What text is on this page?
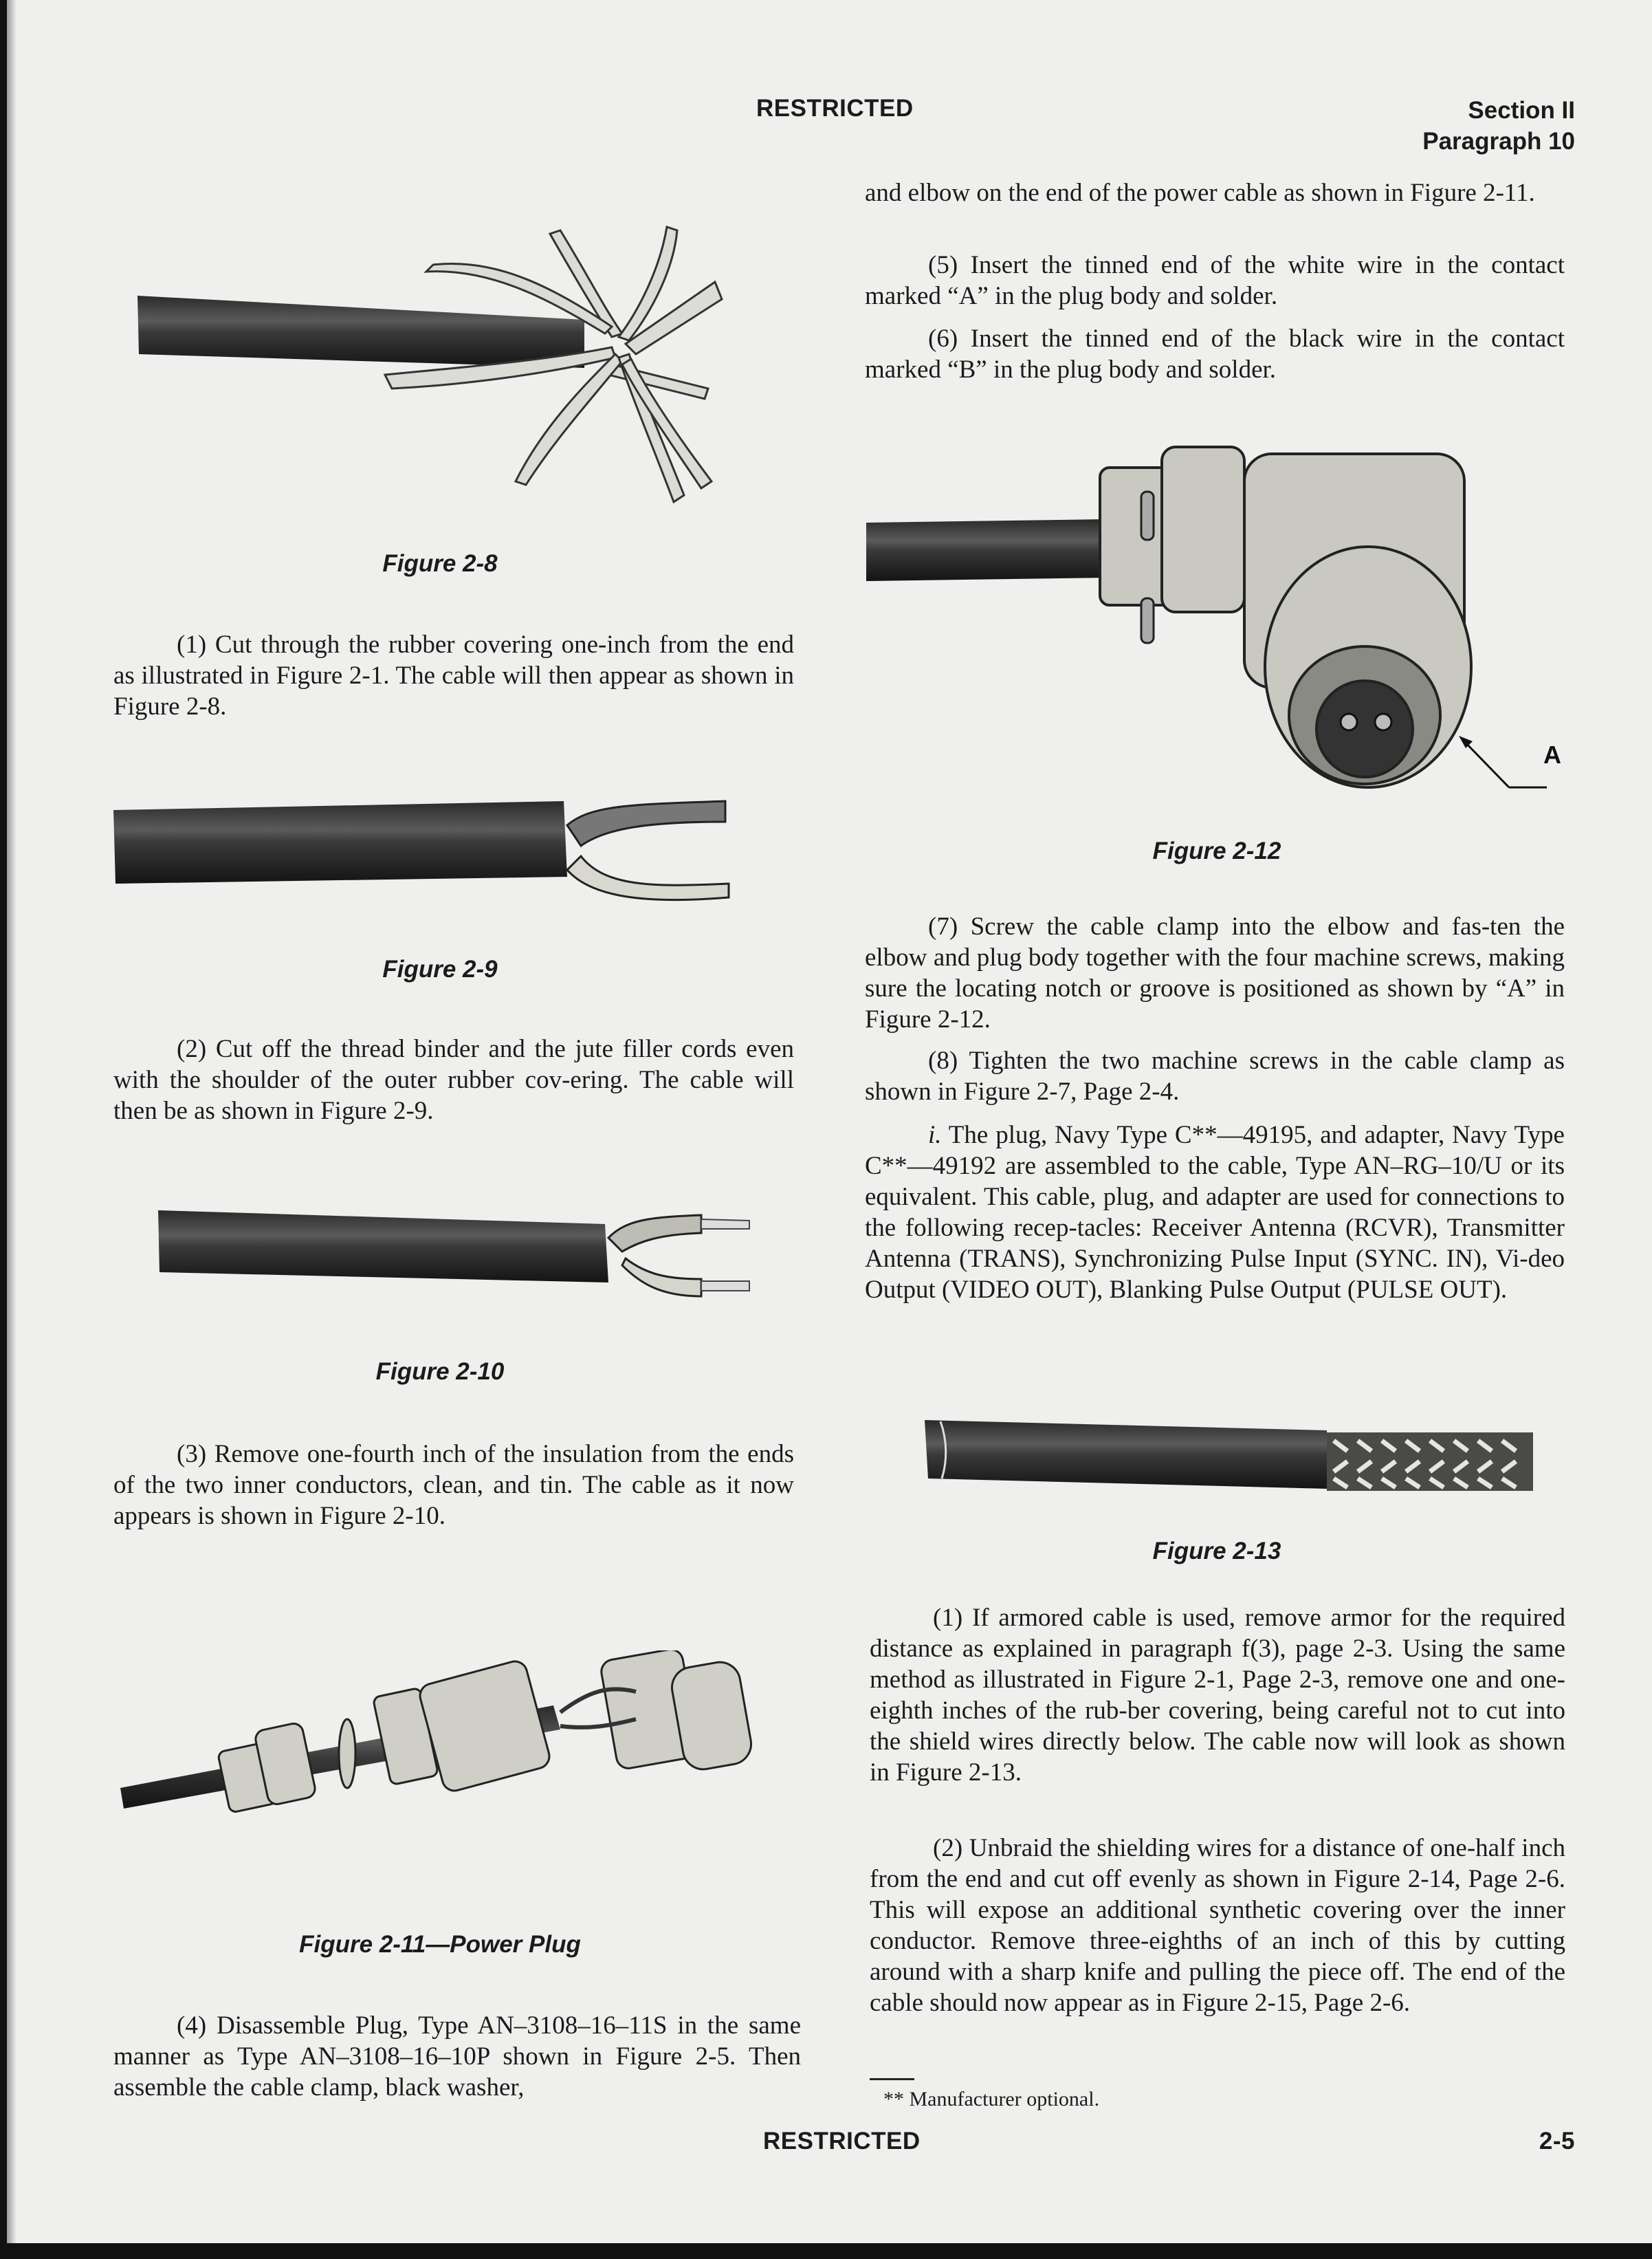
RESTRICTED	Section II
Paragraph 10
Figure 2-8

(1) Cut through the rubber covering one-inch from the end as illustrated in Figure 2-1. The cable will then appear as shown in Figure 2-8.

Figure 2-9

(2) Cut off the thread binder and the jute filler cords even with the shoulder of the outer rubber cov-ering. The cable will then be as shown in Figure 2-9.

Figure 2-10

(3) Remove one-fourth inch of the insulation from the ends of the two inner conductors, clean, and tin. The cable as it now appears is shown in Figure 2-10.

Figure 2-11—Power Plug

(4) Disassemble Plug, Type AN–3108–16–11S in the same manner as Type AN–3108–16–10P shown in Figure 2-5. Then assemble the cable clamp, black washer,

and elbow on the end of the power cable as shown in Figure 2-11.

(5) Insert the tinned end of the white wire in the contact marked “A” in the plug body and solder.

(6) Insert the tinned end of the black wire in the contact marked “B” in the plug body and solder.

A
Figure 2-12

(7) Screw the cable clamp into the elbow and fas-ten the elbow and plug body together with the four machine screws, making sure the locating notch or groove is positioned as shown by “A” in Figure 2-12.

(8) Tighten the two machine screws in the cable clamp as shown in Figure 2-7, Page 2-4.

i. The plug, Navy Type C**—49195, and adapter, Navy Type C**—49192 are assembled to the cable, Type AN–RG–10/U or its equivalent. This cable, plug, and adapter are used for connections to the following recep-tacles: Receiver Antenna (RCVR), Transmitter Antenna (TRANS), Synchronizing Pulse Input (SYNC. IN), Vi-deo Output (VIDEO OUT), Blanking Pulse Output (PULSE OUT).

Figure 2-13

(1) If armored cable is used, remove armor for the required distance as explained in paragraph f(3), page 2-3. Using the same method as illustrated in Figure 2-1, Page 2-3, remove one and one-eighth inches of the rub-ber covering, being careful not to cut into the shield wires directly below. The cable now will look as shown in Figure 2-13.

(2) Unbraid the shielding wires for a distance of one-half inch from the end and cut off evenly as shown in Figure 2-14, Page 2-6. This will expose an additional synthetic covering over the inner conductor. Remove three-eighths of an inch of this by cutting around with a sharp knife and pulling the piece off. The end of the cable should now appear as in Figure 2-15, Page 2-6.

** Manufacturer optional.
RESTRICTED	2-5
